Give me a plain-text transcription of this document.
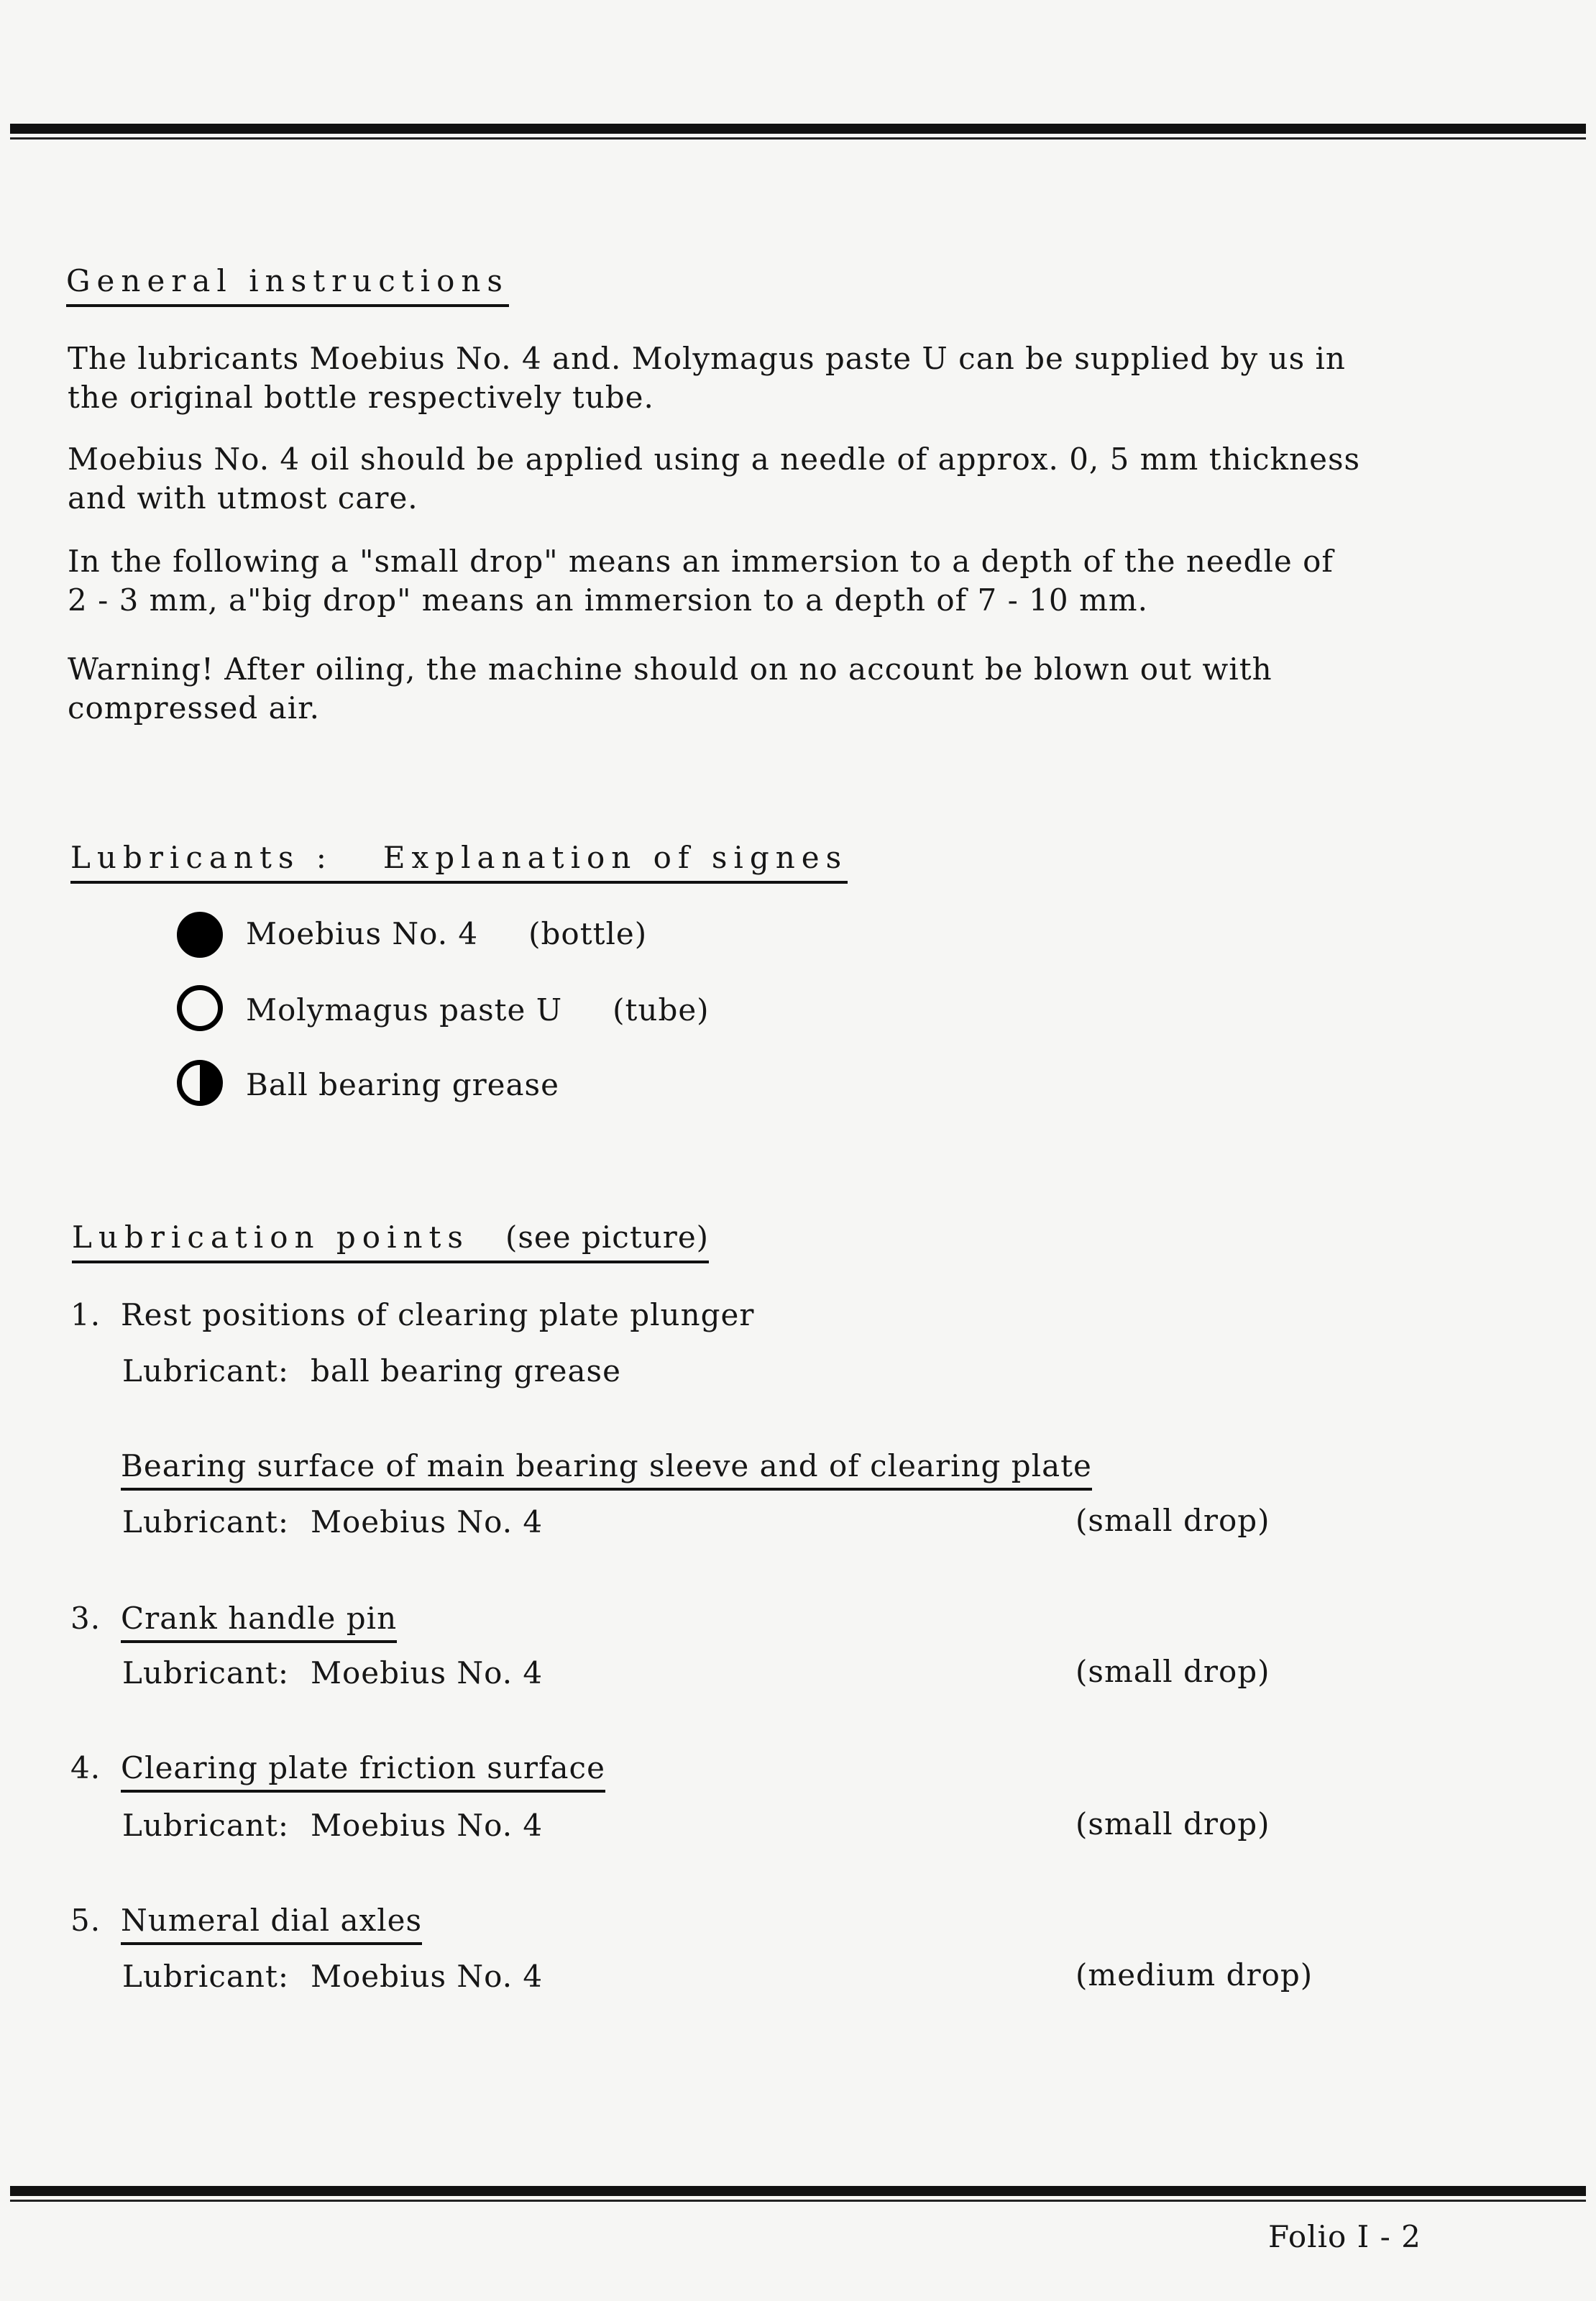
General instructions
The lubricants Moebius No. 4 and. Molymagus paste U can be supplied by us in
the original bottle respectively tube.
Moebius No. 4 oil should be applied using a needle of approx. 0, 5 mm thickness
and with utmost care.
In the following a "small drop" means an immersion to a depth of the needle of
2 - 3 mm, a"big drop" means an immersion to a depth of 7 - 10 mm.
Warning! After oiling, the machine should on no account be blown out with
compressed air.
Lubricants : Explanation of signes
Moebius No. 4 (bottle)
Molymagus paste U (tube)
Ball bearing grease
Lubrication points (see picture)
1. Rest positions of clearing plate plunger
Lubricant: ball bearing grease
Bearing surface of main bearing sleeve and of clearing plate
Lubricant: Moebius No. 4	(small drop)
3. Crank handle pin
Lubricant: Moebius No. 4	(small drop)
4. Clearing plate friction surface
Lubricant: Moebius No. 4	(small drop)
5. Numeral dial axles
Lubricant: Moebius No. 4	(medium drop)
Folio I - 2
